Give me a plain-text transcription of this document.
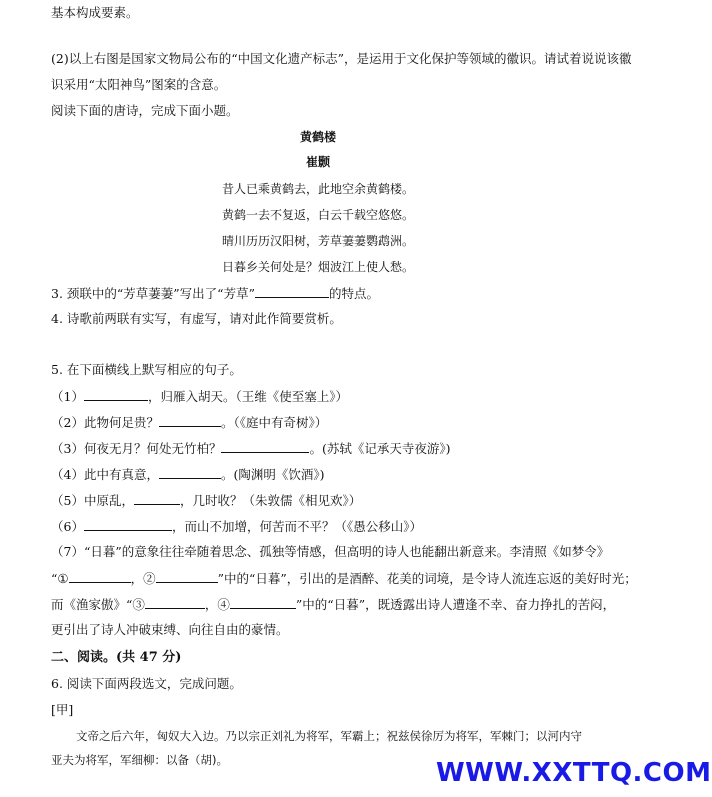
基本构成要素。
(2)以上右图是国家文物局公布的“中国文化遗产标志”，是运用于文化保护等领域的徽识。请试着说说该徽
识采用“太阳神鸟”图案的含意。
阅读下面的唐诗，完成下面小题。
黄鹤楼
崔颢
昔人已乘黄鹤去，此地空余黄鹤楼。
黄鹤一去不复返，白云千载空悠悠。
晴川历历汉阳树，芳草萋萋鹦鹉洲。
日暮乡关何处是？烟波江上使人愁。
3. 颈联中的“芳草萋萋”写出了“芳草”	的特点。
4. 诗歌前两联有实写，有虚写，请对此作简要赏析。
5. 在下面横线上默写相应的句子。
（1）	，归雁入胡天。（王维《使至塞上》）
（2）此物何足贵？	。（《庭中有奇树》）
（3）何夜无月？何处无竹柏？	。(苏轼《记承天寺夜游》)
（4）此中有真意，	。(陶渊明《饮酒》)
（5）中原乱，	，几时收？（朱敦儒《相见欢》）
（6）	，而山不加增，何苦而不平？（《愚公移山》）
（7）“日暮”的意象往往牵随着思念、孤独等情感，但高明的诗人也能翻出新意来。李清照《如梦令》
“①	，②	”中的“日暮”，引出的是酒醉、花美的词境，是令诗人流连忘返的美好时光；
而《渔家傲》“③	，④	”中的“日暮”，既透露出诗人遭逢不幸、奋力挣扎的苦闷，
更引出了诗人冲破束缚、向往自由的豪情。
二、阅读。(共 47 分)
6. 阅读下面两段选文，完成问题。
[甲]
文帝之后六年，匈奴大入边。乃以宗正刘礼为将军，军霸上；祝兹侯徐厉为将军，军棘门；以河内守
亚夫为将军，军细柳：以备（胡)。	WWW.XXTTQ.COM
